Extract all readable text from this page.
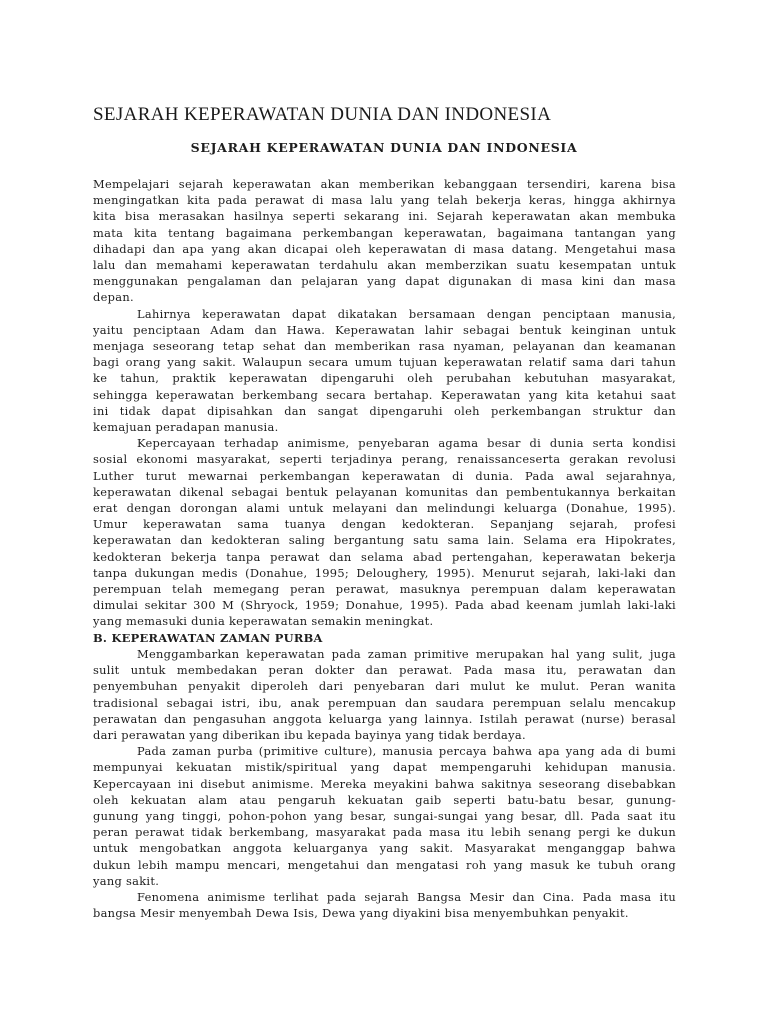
SEJARAH KEPERAWATAN DUNIA DAN INDONESIA
SEJARAH KEPERAWATAN DUNIA DAN INDONESIA
Mempelajari sejarah keperawatan akan memberikan kebanggaan tersendiri, karena bisa
mengingatkan kita pada perawat di masa lalu yang telah bekerja keras, hingga akhirnya
kita bisa merasakan hasilnya seperti sekarang ini. Sejarah keperawatan akan membuka
mata kita tentang bagaimana perkembangan keperawatan, bagaimana tantangan yang
dihadapi dan apa yang akan dicapai oleh keperawatan di masa datang. Mengetahui masa
lalu dan memahami keperawatan terdahulu akan memberzikan suatu kesempatan untuk
menggunakan pengalaman dan pelajaran yang dapat digunakan di masa kini dan masa
depan.
Lahirnya keperawatan dapat dikatakan bersamaan dengan penciptaan manusia,
yaitu penciptaan Adam dan Hawa. Keperawatan lahir sebagai bentuk keinginan untuk
menjaga seseorang tetap sehat dan memberikan rasa nyaman, pelayanan dan keamanan
bagi orang yang sakit. Walaupun secara umum tujuan keperawatan relatif sama dari tahun
ke tahun, praktik keperawatan dipengaruhi oleh perubahan kebutuhan masyarakat,
sehingga keperawatan berkembang secara bertahap. Keperawatan yang kita ketahui saat
ini tidak dapat dipisahkan dan sangat dipengaruhi oleh perkembangan struktur dan
kemajuan peradapan manusia.
Kepercayaan terhadap animisme, penyebaran agama besar di dunia serta kondisi
sosial ekonomi masyarakat, seperti terjadinya perang, renaissanceserta gerakan revolusi
Luther turut mewarnai perkembangan keperawatan di dunia. Pada awal sejarahnya,
keperawatan dikenal sebagai bentuk pelayanan komunitas dan pembentukannya berkaitan
erat dengan dorongan alami untuk melayani dan melindungi keluarga (Donahue, 1995).
Umur keperawatan sama tuanya dengan kedokteran. Sepanjang sejarah, profesi
keperawatan dan kedokteran saling bergantung satu sama lain. Selama era Hipokrates,
kedokteran bekerja tanpa perawat dan selama abad pertengahan, keperawatan bekerja
tanpa dukungan medis (Donahue, 1995; Deloughery, 1995). Menurut sejarah, laki-laki dan
perempuan telah memegang peran perawat, masuknya perempuan dalam keperawatan
dimulai sekitar 300 M (Shryock, 1959; Donahue, 1995). Pada abad keenam jumlah laki-laki
yang memasuki dunia keperawatan semakin meningkat.
B. KEPERAWATAN ZAMAN PURBA
Menggambarkan keperawatan pada zaman primitive merupakan hal yang sulit, juga
sulit untuk membedakan peran dokter dan perawat. Pada masa itu, perawatan dan
penyembuhan penyakit diperoleh dari penyebaran dari mulut ke mulut. Peran wanita
tradisional sebagai istri, ibu, anak perempuan dan saudara perempuan selalu mencakup
perawatan dan pengasuhan anggota keluarga yang lainnya. Istilah perawat (nurse) berasal
dari perawatan yang diberikan ibu kepada bayinya yang tidak berdaya.
Pada zaman purba (primitive culture), manusia percaya bahwa apa yang ada di bumi
mempunyai kekuatan mistik/spiritual yang dapat mempengaruhi kehidupan manusia.
Kepercayaan ini disebut animisme. Mereka meyakini bahwa sakitnya seseorang disebabkan
oleh kekuatan alam atau pengaruh kekuatan gaib seperti batu-batu besar, gunung-
gunung yang tinggi, pohon-pohon yang besar, sungai-sungai yang besar, dll. Pada saat itu
peran perawat tidak berkembang, masyarakat pada masa itu lebih senang pergi ke dukun
untuk mengobatkan anggota keluarganya yang sakit. Masyarakat menganggap bahwa
dukun lebih mampu mencari, mengetahui dan mengatasi roh yang masuk ke tubuh orang
yang sakit.
Fenomena animisme terlihat pada sejarah Bangsa Mesir dan Cina. Pada masa itu
bangsa Mesir menyembah Dewa Isis, Dewa yang diyakini bisa menyembuhkan penyakit.
